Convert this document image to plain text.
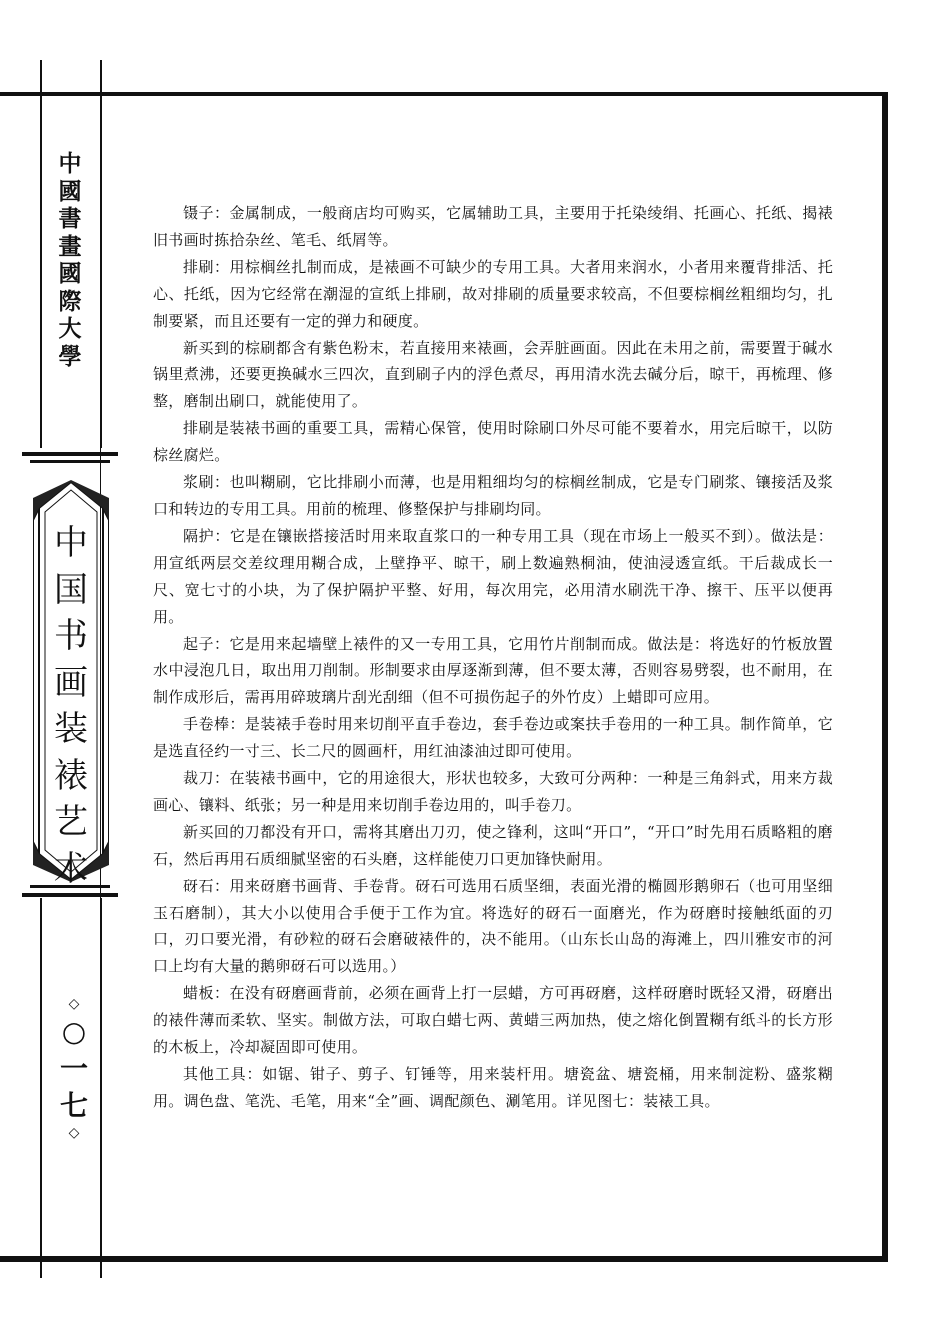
中
國
書
畫
國
際
大
學
中
国
书
画
装
裱
艺
术
◇
○
一
七
◇

镊子：金属制成，一般商店均可购买，它属辅助工具，主要用于托染绫绢、托画心、托纸、揭裱旧书画时拣拾杂丝、笔毛、纸屑等。

排刷：用棕榈丝扎制而成，是裱画不可缺少的专用工具。大者用来润水，小者用来覆背排活、托心、托纸，因为它经常在潮湿的宣纸上排刷，故对排刷的质量要求较高，不但要棕榈丝粗细均匀，扎制要紧，而且还要有一定的弹力和硬度。

新买到的棕刷都含有紫色粉末，若直接用来裱画，会弄脏画面。因此在未用之前，需要置于碱水锅里煮沸，还要更换碱水三四次，直到刷子内的浮色煮尽，再用清水洗去碱分后，晾干，再梳理、修整，磨制出刷口，就能使用了。

排刷是装裱书画的重要工具，需精心保管，使用时除刷口外尽可能不要着水，用完后晾干，以防棕丝腐烂。

浆刷：也叫糊刷，它比排刷小而薄，也是用粗细均匀的棕榈丝制成，它是专门刷浆、镶接活及浆口和转边的专用工具。用前的梳理、修整保护与排刷均同。

隔护：它是在镶嵌搭接活时用来取直浆口的一种专用工具（现在市场上一般买不到）。做法是：用宣纸两层交差纹理用糊合成，上壁挣平、晾干，刷上数遍熟桐油，使油浸透宣纸。干后裁成长一尺、宽七寸的小块，为了保护隔护平整、好用，每次用完，必用清水刷洗干净、擦干、压平以便再用。

起子：它是用来起墙壁上裱件的又一专用工具，它用竹片削制而成。做法是：将选好的竹板放置水中浸泡几日，取出用刀削制。形制要求由厚逐渐到薄，但不要太薄，否则容易劈裂，也不耐用，在制作成形后，需再用碎玻璃片刮光刮细（但不可损伤起子的外竹皮）上蜡即可应用。

手卷棒：是装裱手卷时用来切削平直手卷边，套手卷边或案扶手卷用的一种工具。制作简单，它是选直径约一寸三、长二尺的圆画杆，用红油漆油过即可使用。

裁刀：在装裱书画中，它的用途很大，形状也较多，大致可分两种：一种是三角斜式，用来方裁画心、镶料、纸张；另一种是用来切削手卷边用的，叫手卷刀。

新买回的刀都没有开口，需将其磨出刀刃，使之锋利，这叫“开口”，“开口”时先用石质略粗的磨石，然后再用石质细腻坚密的石头磨，这样能使刀口更加锋快耐用。

砑石：用来砑磨书画背、手卷背。砑石可选用石质坚细，表面光滑的椭圆形鹅卵石（也可用坚细玉石磨制），其大小以使用合手便于工作为宜。将选好的砑石一面磨光，作为砑磨时接触纸面的刃口，刃口要光滑，有砂粒的砑石会磨破裱件的，决不能用。（山东长山岛的海滩上，四川雅安市的河口上均有大量的鹅卵砑石可以选用。）

蜡板：在没有砑磨画背前，必须在画背上打一层蜡，方可再砑磨，这样砑磨时既轻又滑，砑磨出的裱件薄而柔软、坚实。制做方法，可取白蜡七两、黄蜡三两加热，使之熔化倒置糊有纸斗的长方形的木板上，冷却凝固即可使用。

其他工具：如锯、钳子、剪子、钉锤等，用来装杆用。塘瓷盆、塘瓷桶，用来制淀粉、盛浆糊用。调色盘、笔洗、毛笔，用来“全”画、调配颜色、涮笔用。详见图七：装裱工具。
